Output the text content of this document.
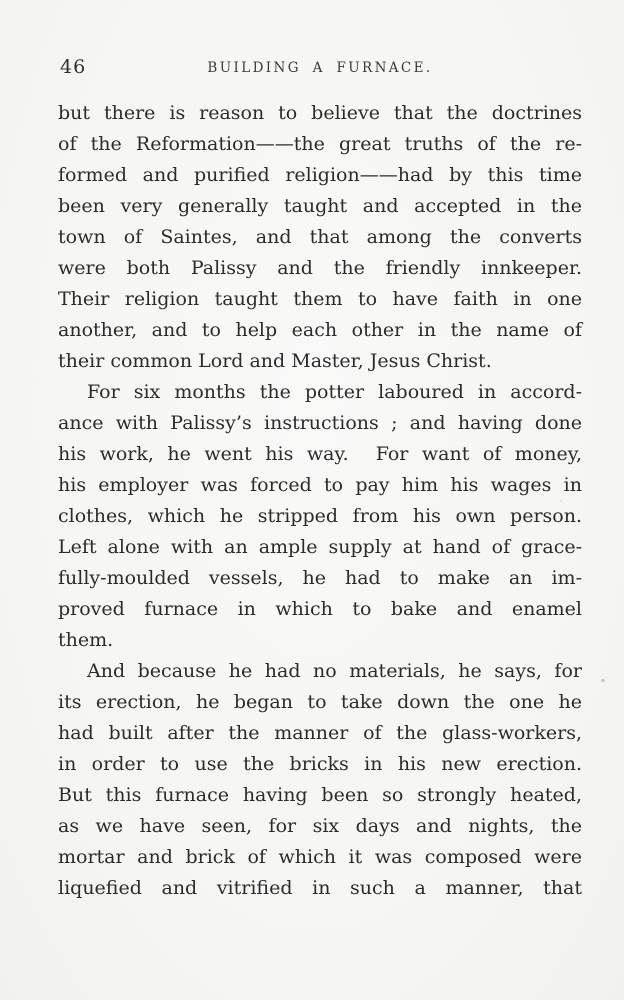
46	BUILDING A FURNACE.
but there is reason to believe that the doctrines
of the Reformation——the great truths of the re-
formed and purified religion——had by this time
been very generally taught and accepted in the
town of Saintes, and that among the converts
were both Palissy and the friendly innkeeper.
Their religion taught them to have faith in one
another, and to help each other in the name of
their common Lord and Master, Jesus Christ.
For six months the potter laboured in accord-
ance with Palissy’s instructions ; and having done
his work, he went his way.  For want of money,
his employer was forced to pay him his wages in
clothes, which he stripped from his own person.
Left alone with an ample supply at hand of grace-
fully-moulded vessels, he had to make an im-
proved furnace in which to bake and enamel
them.
And because he had no materials, he says, for
its erection, he began to take down the one he
had built after the manner of the glass-workers,
in order to use the bricks in his new erection.
But this furnace having been so strongly heated,
as we have seen, for six days and nights, the
mortar and brick of which it was composed were
liquefied and vitrified in such a manner, that
